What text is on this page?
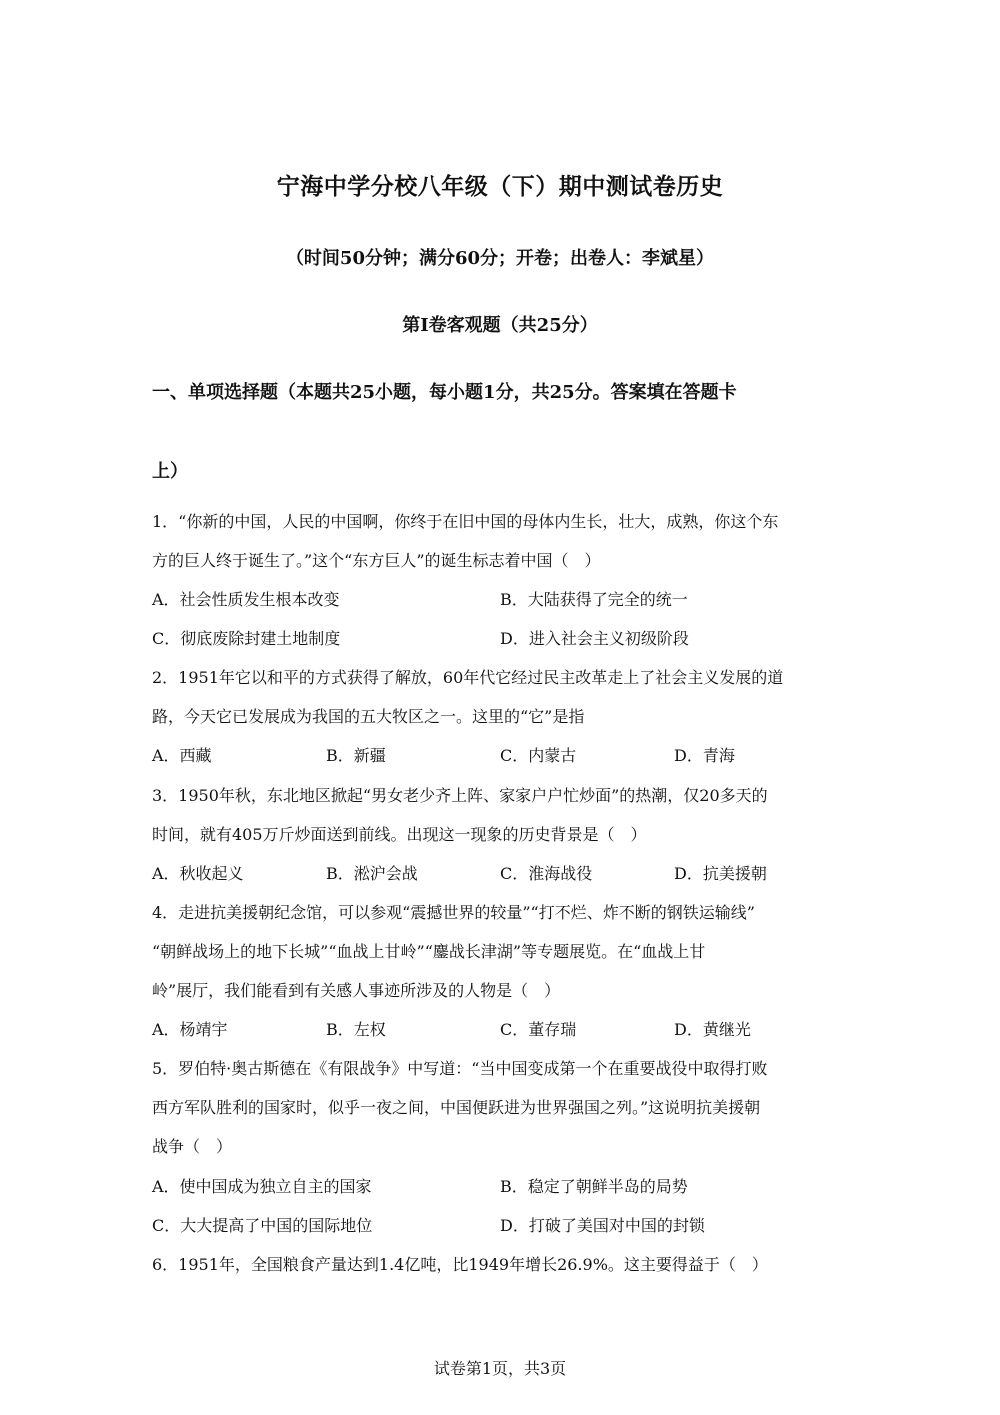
宁海中学分校八年级（下）期中测试卷历史
（时间50分钟；满分60分；开卷；出卷人：李斌星）
第Ⅰ卷客观题（共25分）
一、单项选择题（本题共25小题，每小题1分，共25分。答案填在答题卡
上）
1．“你新的中国，人民的中国啊，你终于在旧中国的母体内生长，壮大，成熟，你这个东
方的巨人终于诞生了。”这个“东方巨人”的诞生标志着中国（　）
A．社会性质发生根本改变	B．大陆获得了完全的统一
C．彻底废除封建土地制度	D．进入社会主义初级阶段
2．1951年它以和平的方式获得了解放，60年代它经过民主改革走上了社会主义发展的道
路，今天它已发展成为我国的五大牧区之一。这里的“它”是指
A．西藏	B．新疆	C．内蒙古	D．青海
3．1950年秋，东北地区掀起“男女老少齐上阵、家家户户忙炒面”的热潮，仅20多天的
时间，就有405万斤炒面送到前线。出现这一现象的历史背景是（　）
A．秋收起义	B．淞沪会战	C．淮海战役	D．抗美援朝
4．走进抗美援朝纪念馆，可以参观“震撼世界的较量”“打不烂、炸不断的钢铁运输线”
“朝鲜战场上的地下长城”“血战上甘岭”“鏖战长津湖”等专题展览。在“血战上甘
岭”展厅，我们能看到有关感人事迹所涉及的人物是（　）
A．杨靖宇	B．左权	C．董存瑞	D．黄继光
5．罗伯特·奥古斯德在《有限战争》中写道：“当中国变成第一个在重要战役中取得打败
西方军队胜利的国家时，似乎一夜之间，中国便跃进为世界强国之列。”这说明抗美援朝
战争（　）
A．使中国成为独立自主的国家	B．稳定了朝鲜半岛的局势
C．大大提高了中国的国际地位	D．打破了美国对中国的封锁
6．1951年，全国粮食产量达到1.4亿吨，比1949年增长26.9%。这主要得益于（　）
试卷第1页，共3页
